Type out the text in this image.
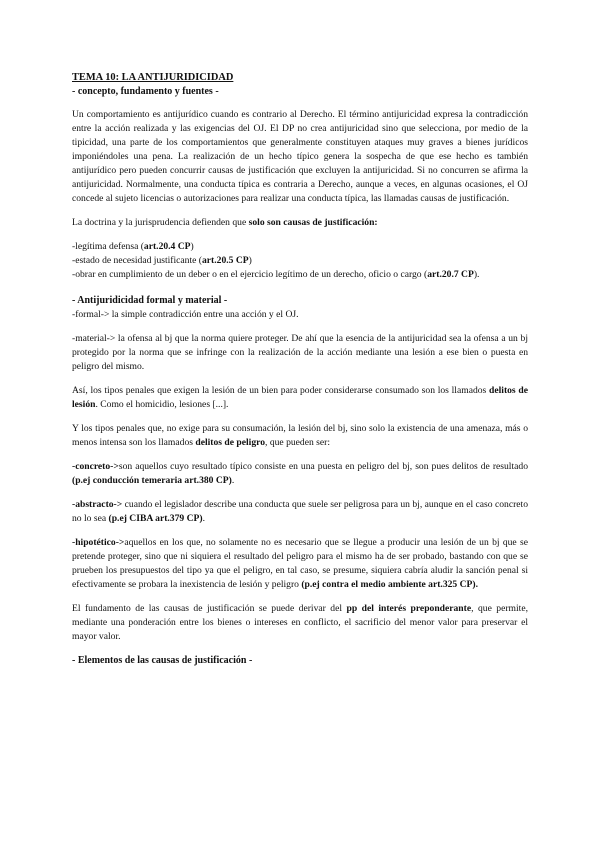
TEMA 10: LA ANTIJURIDICIDAD
- concepto, fundamento y fuentes -

Un comportamiento es antijurídico cuando es contrario al Derecho. El término antijuricidad expresa la contradicción entre la acción realizada y las exigencias del OJ. El DP no crea antijuricidad sino que selecciona, por medio de la tipicidad, una parte de los comportamientos que generalmente constituyen ataques muy graves a bienes jurídicos imponiéndoles una pena. La realización de un hecho típico genera la sospecha de que ese hecho es también antijurídico pero pueden concurrir causas de justificación que excluyen la antijuricidad. Si no concurren se afirma la antijuricidad. Normalmente, una conducta típica es contraria a Derecho, aunque a veces, en algunas ocasiones, el OJ concede al sujeto licencias o autorizaciones para realizar una conducta típica, las llamadas causas de justificación.

La doctrina y la jurisprudencia defienden que solo son causas de justificación:

-legítima defensa (art.20.4 CP)

-estado de necesidad justificante (art.20.5 CP)

-obrar en cumplimiento de un deber o en el ejercicio legítimo de un derecho, oficio o cargo (art.20.7 CP).

- Antijuridicidad formal y material -

-formal-> la simple contradicción entre una acción y el OJ.

-material-> la ofensa al bj que la norma quiere proteger. De ahí que la esencia de la antijuricidad sea la ofensa a un bj protegido por la norma que se infringe con la realización de la acción mediante una lesión a ese bien o puesta en peligro del mismo.

Así, los tipos penales que exigen la lesión de un bien para poder considerarse consumado son los llamados delitos de lesión. Como el homicidio, lesiones [...].

Y los tipos penales que, no exige para su consumación, la lesión del bj, sino solo la existencia de una amenaza, más o menos intensa son los llamados delitos de peligro, que pueden ser:

-concreto->son aquellos cuyo resultado típico consiste en una puesta en peligro del bj, son pues delitos de resultado (p.ej conducción temeraria art.380 CP).

-abstracto-> cuando el legislador describe una conducta que suele ser peligrosa para un bj, aunque en el caso concreto no lo sea (p.ej CIBA art.379 CP).

-hipotético->aquellos en los que, no solamente no es necesario que se llegue a producir una lesión de un bj que se pretende proteger, sino que ni siquiera el resultado del peligro para el mismo ha de ser probado, bastando con que se prueben los presupuestos del tipo ya que el peligro, en tal caso, se presume, siquiera cabría aludir la sanción penal si efectivamente se probara la inexistencia de lesión y peligro (p.ej contra el medio ambiente art.325 CP).

El fundamento de las causas de justificación se puede derivar del pp del interés preponderante, que permite, mediante una ponderación entre los bienes o intereses en conflicto, el sacrificio del menor valor para preservar el mayor valor.

- Elementos de las causas de justificación -
